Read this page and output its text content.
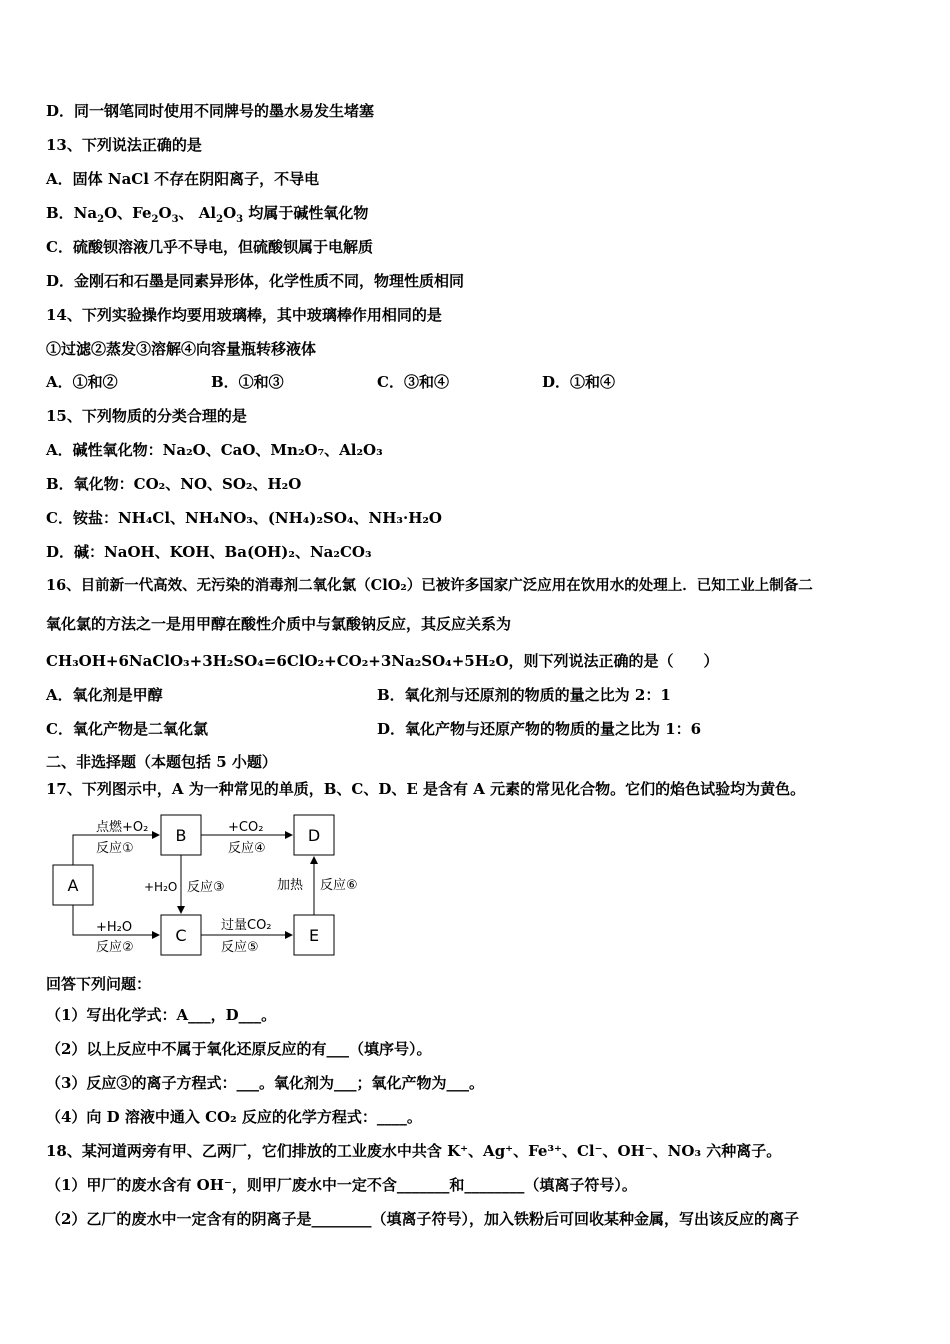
D．同一钢笔同时使用不同牌号的墨水易发生堵塞
13、下列说法正确的是
A．固体 NaCl 不存在阴阳离子，不导电
B．$Na_2O$、$Fe_2O_3$、 $Al_2O_3$ 均属于碱性氧化物
C．硫酸钡溶液几乎不导电，但硫酸钡属于电解质
D．金刚石和石墨是同素异形体，化学性质不同，物理性质相同
14、下列实验操作均要用玻璃棒，其中玻璃棒作用相同的是
①过滤②蒸发③溶解④向容量瓶转移液体
A．①和②	B．①和③	C．③和④	D．①和④
15、下列物质的分类合理的是
A．碱性氧化物：Na₂O、CaO、Mn₂O₇、Al₂O₃
B．氧化物：CO₂、NO、SO₂、H₂O
C．铵盐：NH₄Cl、NH₄NO₃、(NH₄)₂SO₄、NH₃·H₂O
D．碱：NaOH、KOH、Ba(OH)₂、Na₂CO₃
16、目前新一代高效、无污染的消毒剂二氧化氯（ClO₂）已被许多国家广泛应用在饮用水的处理上．已知工业上制备二
氧化氯的方法之一是用甲醇在酸性介质中与氯酸钠反应，其反应关系为
CH₃OH+6NaClO₃+3H₂SO₄=6ClO₂+CO₂+3Na₂SO₄+5H₂O，则下列说法正确的是（　　）
A．氧化剂是甲醇	B．氧化剂与还原剂的物质的量之比为 2：1
C．氧化产物是二氧化氯	D．氧化产物与还原产物的物质的量之比为 1：6
二、非选择题（本题包括 5 小题）
17、下列图示中，A 为一种常见的单质，B、C、D、E 是含有 A 元素的常见化合物。它们的焰色试验均为黄色。
A
B
C
D
E
点燃+O₂
反应①
+H₂O
反应②
+CO₂
反应④
+H₂O 反应③
过量CO₂
反应⑤
加热 反应⑥
回答下列问题：
（1）写出化学式：A___，D___。
（2）以上反应中不属于氧化还原反应的有___（填序号）。
（3）反应③的离子方程式：___。氧化剂为___；氧化产物为___。
（4）向 D 溶液中通入 CO₂ 反应的化学方程式：____。
18、某河道两旁有甲、乙两厂，它们排放的工业废水中共含 K⁺、Ag⁺、Fe³⁺、Cl⁻、OH⁻、NO₃ 六种离子。
（1）甲厂的废水含有 OH⁻，则甲厂废水中一定不含_______和________（填离子符号）。
（2）乙厂的废水中一定含有的阴离子是________（填离子符号），加入铁粉后可回收某种金属，写出该反应的离子
